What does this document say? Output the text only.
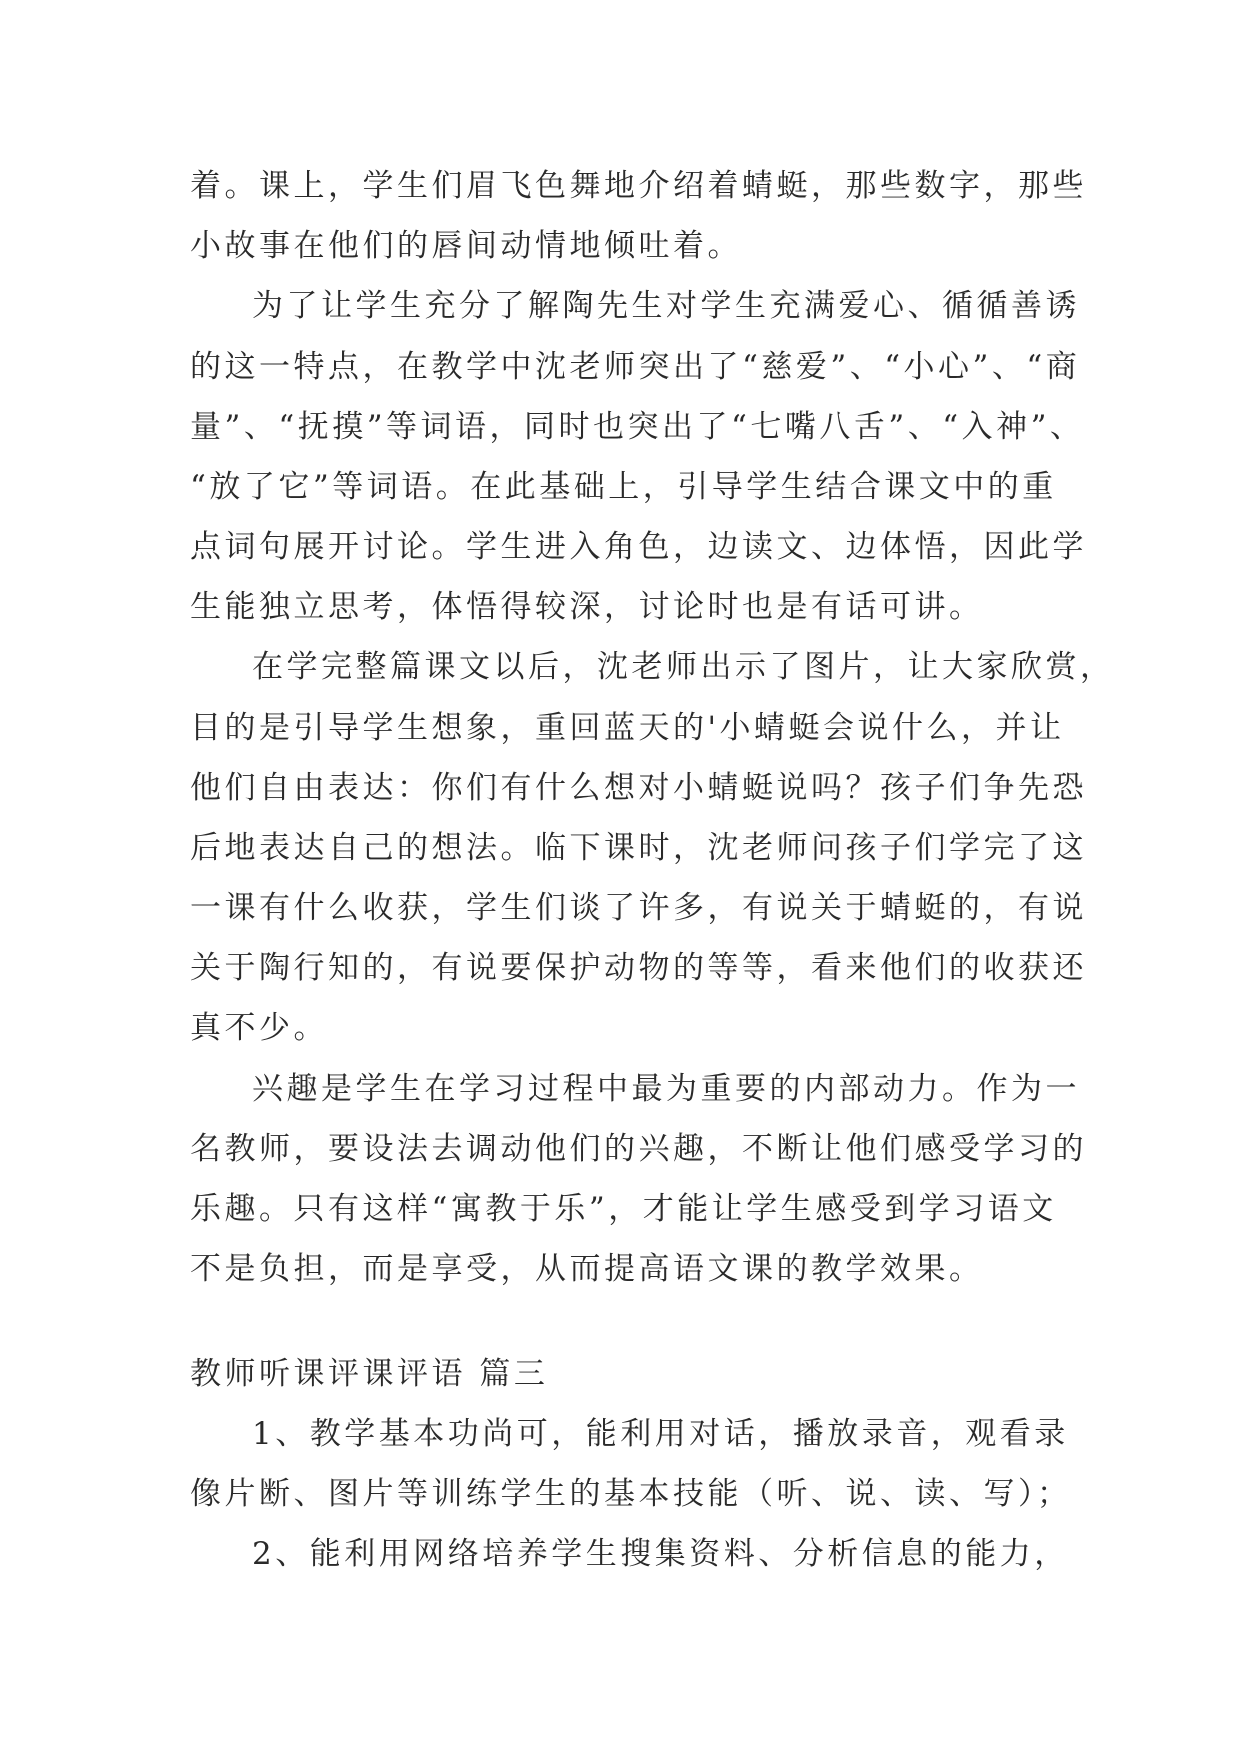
着。课上，学生们眉飞色舞地介绍着蜻蜓，那些数字，那些
小故事在他们的唇间动情地倾吐着。
为了让学生充分了解陶先生对学生充满爱心、循循善诱
的这一特点，在教学中沈老师突出了“慈爱”、“小心”、“商
量”、“抚摸”等词语，同时也突出了“七嘴八舌”、“入神”、
“放了它”等词语。在此基础上，引导学生结合课文中的重
点词句展开讨论。学生进入角色，边读文、边体悟，因此学
生能独立思考，体悟得较深，讨论时也是有话可讲。
在学完整篇课文以后，沈老师出示了图片，让大家欣赏，
目的是引导学生想象，重回蓝天的'小蜻蜓会说什么，并让
他们自由表达：你们有什么想对小蜻蜓说吗？孩子们争先恐
后地表达自己的想法。临下课时，沈老师问孩子们学完了这
一课有什么收获，学生们谈了许多，有说关于蜻蜓的，有说
关于陶行知的，有说要保护动物的等等，看来他们的收获还
真不少。
兴趣是学生在学习过程中最为重要的内部动力。作为一
名教师，要设法去调动他们的兴趣，不断让他们感受学习的
乐趣。只有这样“寓教于乐”，才能让学生感受到学习语文
不是负担，而是享受，从而提高语文课的教学效果。
教师听课评课评语 篇三
1、教学基本功尚可，能利用对话，播放录音，观看录
像片断、图片等训练学生的基本技能（听、说、读、写）；
2、能利用网络培养学生搜集资料、分析信息的能力，
